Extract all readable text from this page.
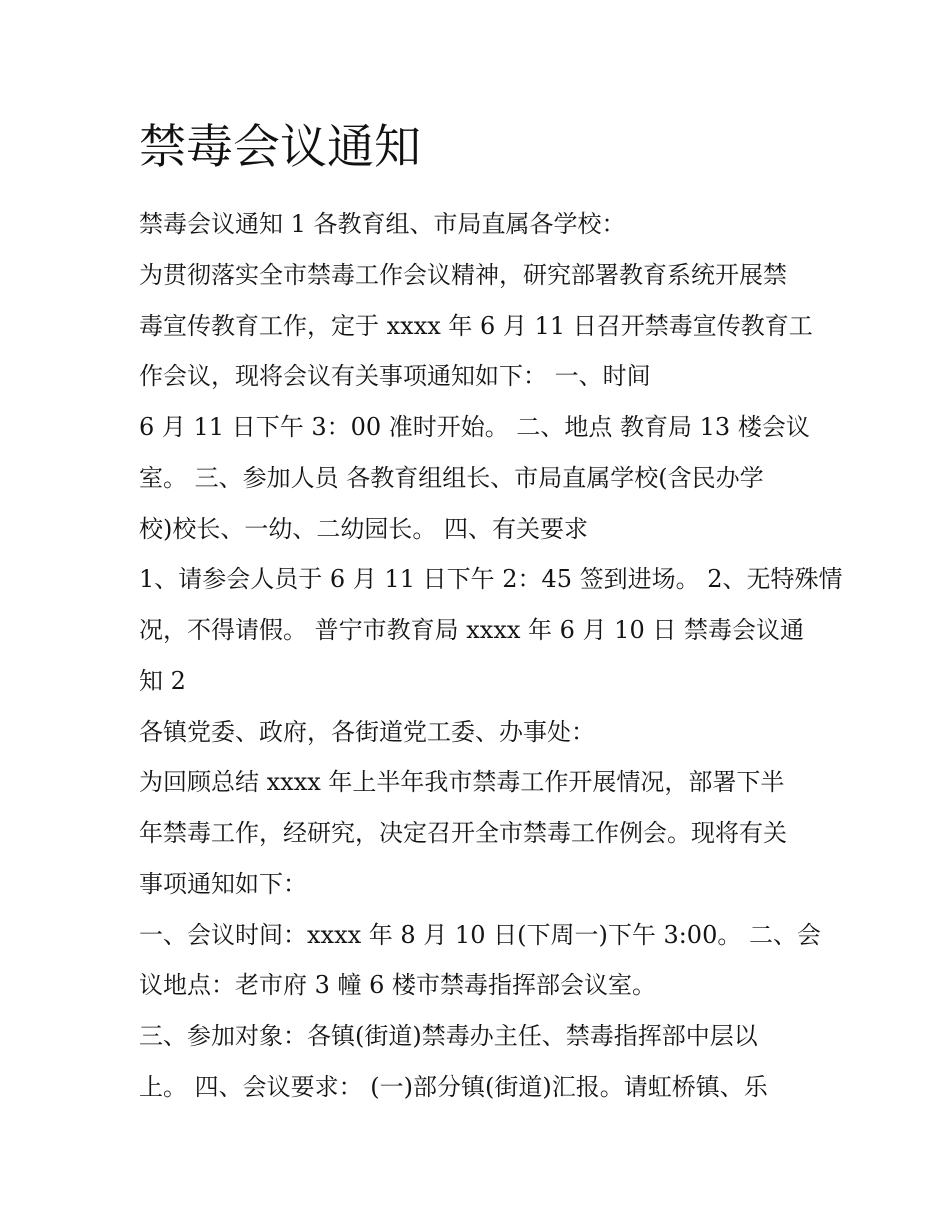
禁毒会议通知
禁毒会议通知 1 各教育组、市局直属各学校：
为贯彻落实全市禁毒工作会议精神，研究部署教育系统开展禁
毒宣传教育工作，定于 xxxx 年 6 月 11 日召开禁毒宣传教育工
作会议，现将会议有关事项通知如下： 一、时间
6 月 11 日下午 3：00 准时开始。 二、地点 教育局 13 楼会议
室。 三、参加人员 各教育组组长、市局直属学校(含民办学
校)校长、一幼、二幼园长。 四、有关要求
1、请参会人员于 6 月 11 日下午 2：45 签到进场。 2、无特殊情
况，不得请假。 普宁市教育局 xxxx 年 6 月 10 日 禁毒会议通
知 2
各镇党委、政府，各街道党工委、办事处：
为回顾总结 xxxx 年上半年我市禁毒工作开展情况，部署下半
年禁毒工作，经研究，决定召开全市禁毒工作例会。现将有关
事项通知如下：
一、会议时间：xxxx 年 8 月 10 日(下周一)下午 3:00。 二、会
议地点：老市府 3 幢 6 楼市禁毒指挥部会议室。
三、参加对象：各镇(街道)禁毒办主任、禁毒指挥部中层以
上。 四、会议要求： (一)部分镇(街道)汇报。请虹桥镇、乐
